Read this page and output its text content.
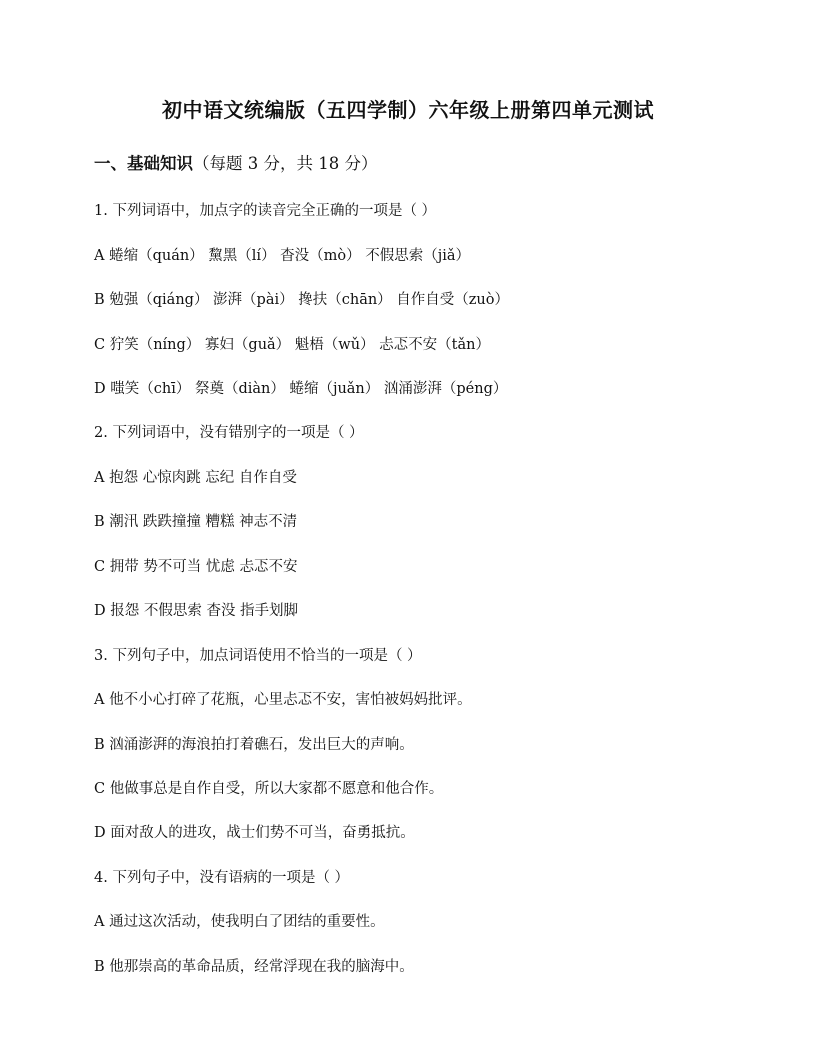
初中语文统编版（五四学制）六年级上册第四单元测试
一、基础知识（每题 3 分，共 18 分）
1. 下列词语中，加点字的读音完全正确的一项是（ ）
A 蜷缩（quán） 黧黑（lí） 杳没（mò） 不假思索（jiǎ）
B 勉强（qiáng） 澎湃（pài） 搀扶（chān） 自作自受（zuò）
C 狞笑（níng） 寡妇（guǎ） 魁梧（wǔ） 忐忑不安（tǎn）
D 嗤笑（chī） 祭奠（diàn） 蜷缩（juǎn） 汹涌澎湃（péng）
2. 下列词语中，没有错别字的一项是（ ）
A 抱怨 心惊肉跳 忘纪 自作自受
B 潮汛 跌跌撞撞 糟糕 神志不清
C 拥带 势不可当 忧虑 忐忑不安
D 报怨 不假思索 杳没 指手划脚
3. 下列句子中，加点词语使用不恰当的一项是（ ）
A 他不小心打碎了花瓶，心里忐忑不安，害怕被妈妈批评。
B 汹涌澎湃的海浪拍打着礁石，发出巨大的声响。
C 他做事总是自作自受，所以大家都不愿意和他合作。
D 面对敌人的进攻，战士们势不可当，奋勇抵抗。
4. 下列句子中，没有语病的一项是（ ）
A 通过这次活动，使我明白了团结的重要性。
B 他那崇高的革命品质，经常浮现在我的脑海中。
